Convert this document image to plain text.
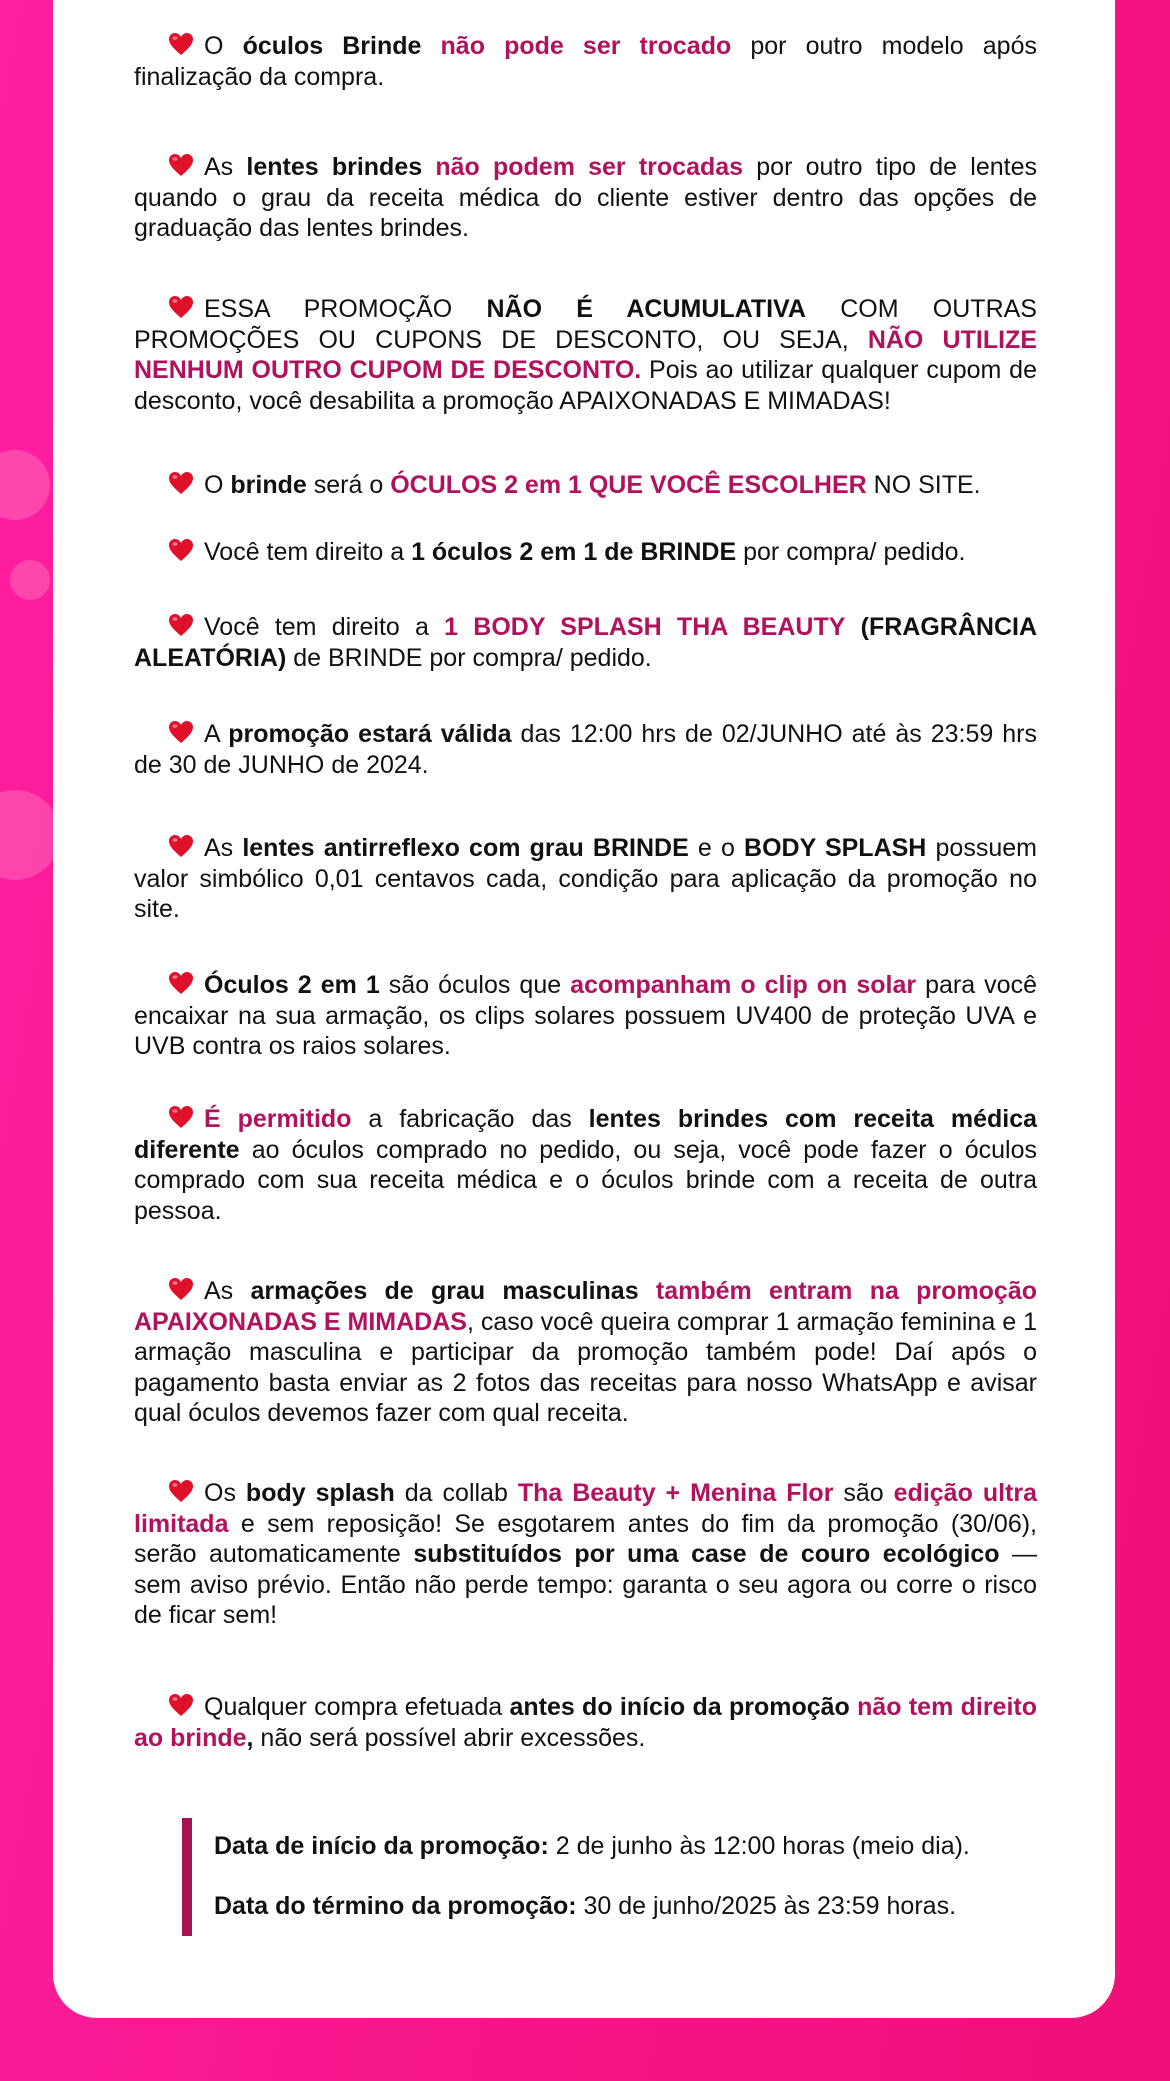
O óculos Brinde não pode ser trocado por outro modelo após finalização da compra.
As lentes brindes não podem ser trocadas por outro tipo de lentes quando o grau da receita médica do cliente estiver dentro das opções de graduação das lentes brindes.
ESSA PROMOÇÃO NÃO É ACUMULATIVA COM OUTRAS PROMOÇÕES OU CUPONS DE DESCONTO, OU SEJA, NÃO UTILIZE NENHUM OUTRO CUPOM DE DESCONTO. Pois ao utilizar qualquer cupom de desconto, você desabilita a promoção APAIXONADAS E MIMADAS!
O brinde será o ÓCULOS 2 em 1 QUE VOCÊ ESCOLHER NO SITE.
Você tem direito a 1 óculos 2 em 1 de BRINDE por compra/ pedido.
Você tem direito a 1 BODY SPLASH THA BEAUTY (FRAGRÂNCIA ALEATÓRIA) de BRINDE por compra/ pedido.
A promoção estará válida das 12:00 hrs de 02/JUNHO até às 23:59 hrs de 30 de JUNHO de 2024.
As lentes antirreflexo com grau BRINDE e o BODY SPLASH possuem valor simbólico 0,01 centavos cada, condição para aplicação da promoção no site.
Óculos 2 em 1 são óculos que acompanham o clip on solar para você encaixar na sua armação, os clips solares possuem UV400 de proteção UVA e UVB contra os raios solares.
É permitido a fabricação das lentes brindes com receita médica diferente ao óculos comprado no pedido, ou seja, você pode fazer o óculos comprado com sua receita médica e o óculos brinde com a receita de outra pessoa.
As armações de grau masculinas também entram na promoção APAIXONADAS E MIMADAS, caso você queira comprar 1 armação feminina e 1 armação masculina e participar da promoção também pode! Daí após o pagamento basta enviar as 2 fotos das receitas para nosso WhatsApp e avisar qual óculos devemos fazer com qual receita.
Os body splash da collab Tha Beauty + Menina Flor são edição ultra limitada e sem reposição! Se esgotarem antes do fim da promoção (30/06), serão automaticamente substituídos por uma case de couro ecológico — sem aviso prévio. Então não perde tempo: garanta o seu agora ou corre o risco de ficar sem!
Qualquer compra efetuada antes do início da promoção não tem direito ao brinde, não será possível abrir excessões.
Data de início da promoção: 2 de junho às 12:00 horas (meio dia).
Data do término da promoção: 30 de junho/2025 às 23:59 horas.
